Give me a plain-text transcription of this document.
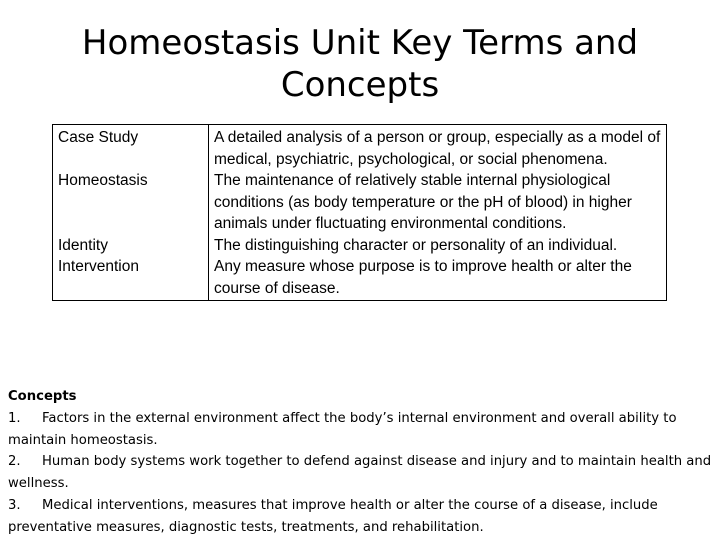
Homeostasis Unit Key Terms and Concepts
Case Study	A detailed analysis of a person or group, especially as a model of medical, psychiatric, psychological, or social phenomena.
Homeostasis	The maintenance of relatively stable internal physiological conditions (as body temperature or the pH of blood) in higher animals under fluctuating environmental conditions.
Identity	The distinguishing character or personality of an individual.
Intervention	Any measure whose purpose is to improve health or alter the course of disease.
Concepts
1. Factors in the external environment affect the body’s internal environment and overall ability to maintain homeostasis.
2. Human body systems work together to defend against disease and injury and to maintain health and wellness.
3. Medical interventions, measures that improve health or alter the course of a disease, include preventative measures, diagnostic tests, treatments, and rehabilitation.
